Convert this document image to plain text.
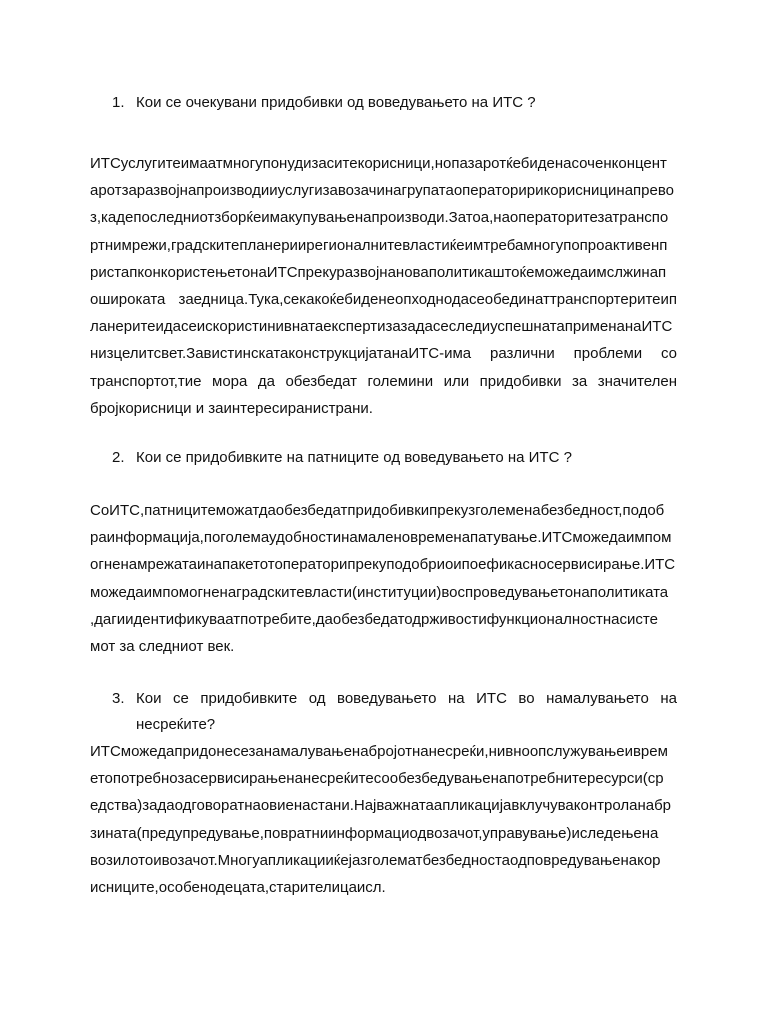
1. Кои се очекувани придобивки од воведувањето на ИТС ?
ИТСуслугитеимаатмногупонудизаситекорисници,нопазаротќебиденасоченконцент
аротзаразвојнапроизводииуслугизавозачинагрупатаоператоририкорисницинапрево
з,кадепоследниотзборќеимакупувањенапроизводи.Затоа,наоператоритезатранспо
ртнимрежи,градскитепланериирегионалнитевластиќеимтребамногупопроактивенп
ристапконкористењетонаИТСпрекуразвојнановаполитикаштоќеможедаимслжинап
ошироката заедница.Тука,секакоќебиденеопходнодасеобединаттранспортеритеип
ланеритеидасеискористинивнатаекспертизазадасеследиуспешнатаприменанаИТС
низцелитсвет.ЗавистинскатаконструкцијатанаИТС-има различни проблеми со
транспортот,тие мора да обезбедат големини или придобивки за значителен
бројкорисници и заинтересиранистрани.
2. Кои се придобивките на патниците од воведувањето на ИТС ?
СоИТС,патницитеможатдаобезбедатпридобивкипрекузголеменабезбедност,подоб
раинформација,поголемаудобностинамаленовременапатување.ИТСможедаимпом
огненамрежатаинапакетотоператорипрекуподобриоипоефикасносервисирање.ИТС
можедаимпомогненаградскитевласти(институции)воспроведувањетонаполитиката
,дагиидентификуваатпотребите,даобезбедатодрживостифункционалностнасисте
мот за следниот век.
3. Кои се придобивките од воведувањето на ИТС во намалувањето на
несреќите?
ИТСможедапридонесезанамалувањенабројотнанесреќи,нивноопслужувањеиврем
етопотребнозасервисирањенанесреќитесообезбедувањенапотребнитересурси(ср
едства)задаодговоратнаовиенастани.Најважнатаапликацијавклучуваконтроланабр
зината(предупредување,повратниинформациодвозачот,управување)иследењена
возилотоивозачот.Многуапликацииќејазголематбезбедностаодповредувањенакор
исниците,особенодецата,старителицаисл.
